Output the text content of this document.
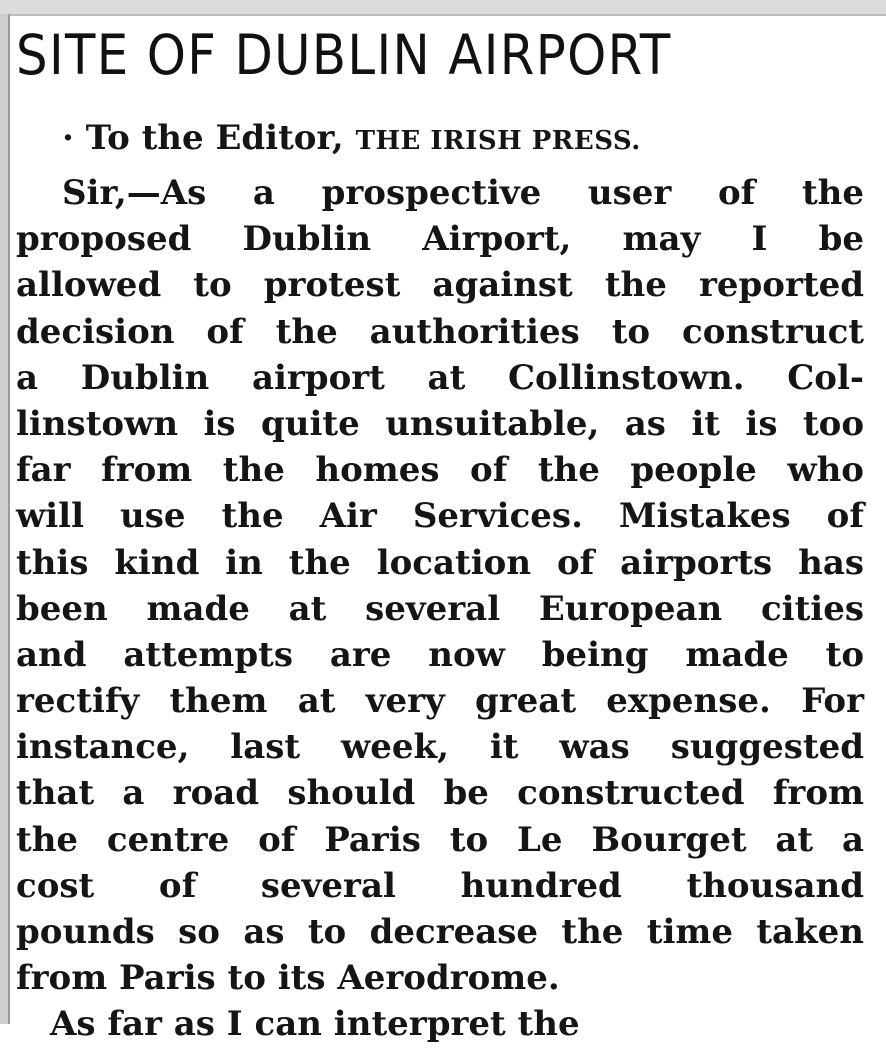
SITE OF DUBLIN AIRPORT
· To the Editor, THE IRISH PRESS.
Sir,—As a prospective user of the
proposed Dublin Airport, may I be
allowed to protest against the reported
decision of the authorities to construct
a Dublin airport at Collinstown. Col-
linstown is quite unsuitable, as it is too
far from the homes of the people who
will use the Air Services. Mistakes of
this kind in the location of airports has
been made at several European cities
and attempts are now being made to
rectify them at very great expense. For
instance, last week, it was suggested
that a road should be constructed from
the centre of Paris to Le Bourget at a
cost of several hundred thousand
pounds so as to decrease the time taken
from Paris to its Aerodrome.
As far as I can interpret the
